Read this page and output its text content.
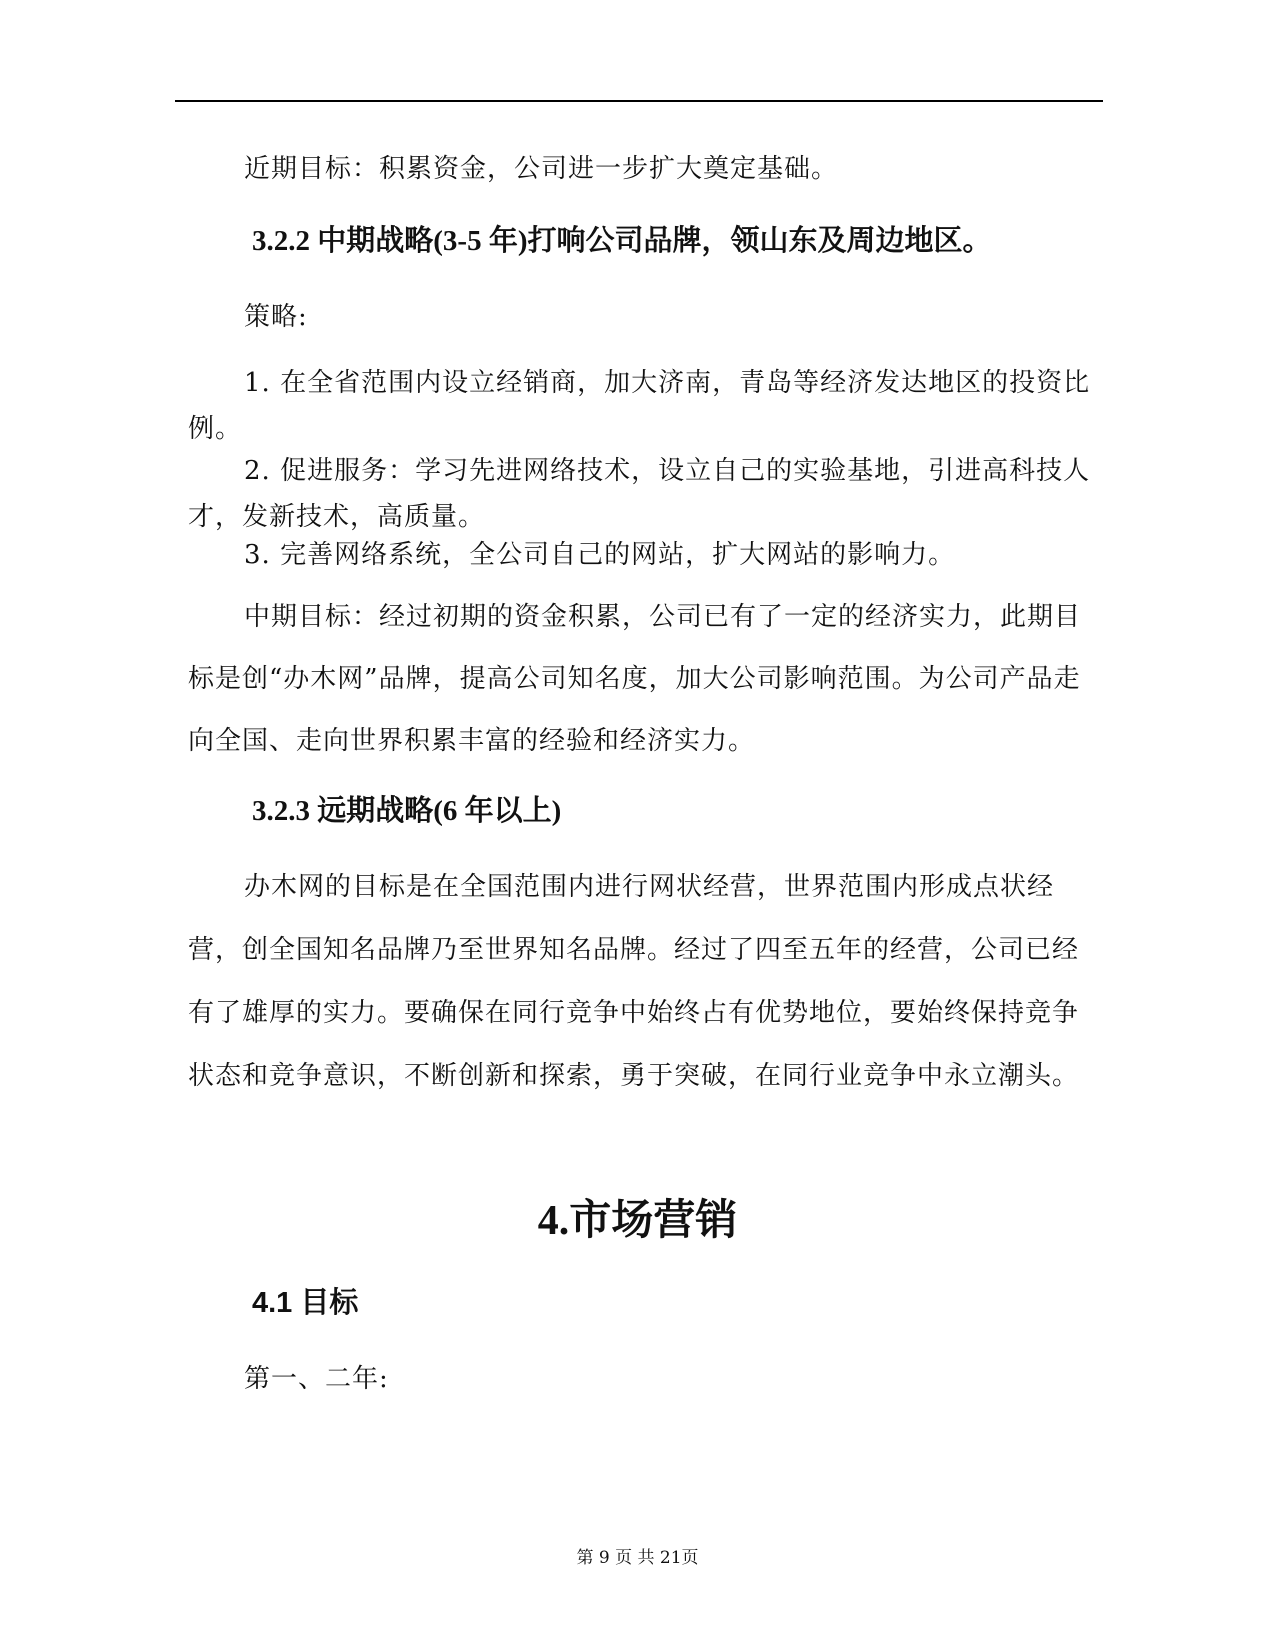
近期目标：积累资金，公司进一步扩大奠定基础。

3.2.2 中期战略(3-5 年)打响公司品牌，领山东及周边地区。

策略:

1. 在全省范围内设立经销商，加大济南，青岛等经济发达地区的投资比例。

2. 促进服务：学习先进网络技术，设立自己的实验基地，引进高科技人才，发新技术，高质量。

3. 完善网络系统，全公司自己的网站，扩大网站的影响力。

中期目标：经过初期的资金积累，公司已有了一定的经济实力，此期目标是创“办木网”品牌，提高公司知名度，加大公司影响范围。为公司产品走向全国、走向世界积累丰富的经验和经济实力。

3.2.3 远期战略(6 年以上)

办木网的目标是在全国范围内进行网状经营，世界范围内形成点状经营，创全国知名品牌乃至世界知名品牌。经过了四至五年的经营，公司已经有了雄厚的实力。要确保在同行竞争中始终占有优势地位，要始终保持竞争状态和竞争意识，不断创新和探索，勇于突破，在同行业竞争中永立潮头。

4.市场营销
4.1 目标

第一、二年:

第 9 页 共 21页
